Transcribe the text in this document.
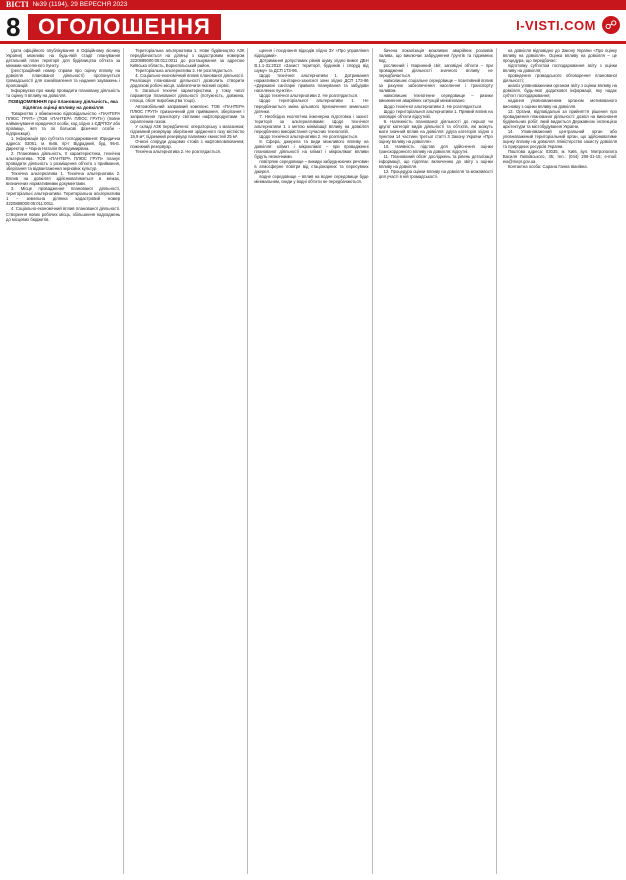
ВІСТІ №39 (1194), 29 ВЕРЕСНЯ 2023
8 ОГОЛОШЕННЯ	I-VISTI.COM ☍

(дата офіційного опублікування в Офіційному віснику України) можливо на будь-якій стадії планування детальний план території для будівництва об'єкта за межами населеного пункту.

(реєстраційний номер справи про оцінку впливу на довкілля планованої діяльності) пропонується громадськості для ознайомлення та надання зауважень і пропозицій.

Інформуємо про намір провадити плановану діяльність та оцінку її впливу на довкілля.

ПОВІДОМЛЕННЯ про плановану діяльність, яка підлягає оцінці впливу на довкілля

Товариство з обмеженою відповідальністю «ПАНТЕРА ПЛЮС ГРУП» (ТОВ «ПАНТЕРА ПЛЮС ГРУП») (повне найменування юридичної особи, код згідно з ЄДРПОУ або прізвище, ім'я та по батькові фізичної особи - підприємця).

1. Інформація про суб'єкта господарювання: Юридична адреса: 03061, м. Київ, пр-т Відрадний, буд. 95-Е. Директор – Чорна Наталія Володимирівна.

2. Планована діяльність, її характеристика, технічна альтернатива. ТОВ «ПАНТЕРА ПЛЮС ГРУП» планує провадити діяльність з розміщення об'єкта з приймання, зберігання та відвантаження зернових культур.

Технічна альтернатива 1. Технічна альтернатива 2. Вплив на довкілля здійснюватиметься в межах, визначених нормативними документами.

3. Місце провадження планованої діяльності, територіальні альтернативи. Територіальна альтернатива 1 – земельна ділянка кадастровий номер 3220889000:05:011:0011.

4. Соціально-економічний вплив планованої діяльності. Створення нових робочих місць, збільшення надходжень до місцевих бюджетів.

Територіальна альтернатива 1. Нове будівництво АЗК передбачається на ділянці з кадастровим номером 3220889000:05:011:0011 до розташування за адресою Київська область, Бориспільський район.

Територіальна альтернатива 2. Не розглядається.

4. Соціально-економічний вплив планованої діяльності. Реалізація планованої діяльності дозволить створити додаткові робочі місця, забезпечити якісний сервіс.

5. Загальні технічні характеристики, у тому числі параметри планованої діяльності (потужність, довжина, площа, обсяг виробництва тощо).

Автомобільний заправний комплекс ТОВ «ПАНТЕРА ПЛЮС ГРУП» призначений для приймання, зберігання і заправлення транспорту світлими нафтопродуктами та скрапленим газом.

У складі АЗК передбачено: операторську з магазином; підземний резервуар зберігання зрідженого газу місткістю 19,9 м³; підземний резервуар паливних ємностей 25 м³.

Очисні споруди дощових стоків з нафтовловлювачем; пожежний резервуар.

Технічна альтернатива 2. Не розглядається.

щення і поєднання відходів згідно ЗУ «Про управління відходами».

Дотримання допустимих рівнів шуму згідно вимог ДБН В.1.1-31:2013 «Захист території, будинків і споруд від шуму» та ДСП 173-96.

Щодо технічної альтернативи 1. Дотримання нормативної санітарно-захисної зони згідно ДСП 173-96 «Державні санітарні правила планування та забудови населених пунктів».

Щодо технічної альтернативи 2. Не розглядається.

Щодо територіальної альтернативи 1. Не передбачається зміна цільового призначення земельної ділянки.

7. Необхідна екологічна інженерна підготовка і захист території за альтернативами: Щодо технічної альтернативи 1 з метою мінімізації впливу на довкілля передбачено використання сучасних технологій.

Щодо технічної альтернативи 2. Не розглядається.

8. Сфера, джерела та види можливого впливу на довкілля: клімат і мікроклімат – при провадженні планованої діяльності на клімат і мікроклімат впливи будуть незначними.

повітряне середовище – викиди забруднюючих речовин в атмосферне повітря від стаціонарних та пересувних джерел.

водне середовище – вплив на водне середовище буде мінімальним, скиди у водні об'єкти не передбачаються.

бачена локалізація можливих аварійних розливів палива, що виключає забруднення ґрунтів та підземних вод.

рослинний і тваринний світ, заповідні об'єкти – при провадженні діяльності значного впливу не передбачається.

навколишнє соціальне середовище – позитивний вплив за рахунок забезпечення населення і транспорту паливом.

навколишнє техногенне середовище – ризики виникнення аварійних ситуацій мінімізовано.

Щодо технічної альтернативи 2. Не розглядається.

Щодо територіальної альтернативи 1. Прямий вплив на заповідні об'єкти відсутній.

9. Належність планованої діяльності до першої чи другої категорії видів діяльності та об'єктів, які можуть мати значний вплив на довкілля: друга категорія згідно з пунктом 14 частини третьої статті 3 Закону України «Про оцінку впливу на довкілля».

10. Наявність підстав для здійснення оцінки транскордонного впливу на довкілля: відсутні.

11. Планований обсяг досліджень та рівень деталізації інформації, що підлягає включенню до звіту з оцінки впливу на довкілля.

12. Процедура оцінки впливу на довкілля та можливості для участі в ній громадськості.

на довкілля відповідно до Закону України «Про оцінку впливу на довкілля». Оцінка впливу на довкілля – це процедура, що передбачає:

підготовку суб'єктом господарювання звіту з оцінки впливу на довкілля;

проведення громадського обговорення планованої діяльності;

аналіз уповноваженим органом звіту з оцінки впливу на довкілля, будь-якої додаткової інформації, яку надає суб'єкт господарювання;

надання уповноваженим органом мотивованого висновку з оцінки впливу на довкілля.

13. Органи, відповідальні за прийняття рішення про провадження планованої діяльності: дозвіл на виконання будівельних робіт, який видається Державною інспекцією архітектури та містобудування України.

14. Уповноважений центральний орган або уповноважений територіальний орган, що здійснюватиме оцінку впливу на довкілля: Міністерство захисту довкілля та природних ресурсів України.

Поштова адреса: 03035, м. Київ, вул. Митрополита Василя Липківського, 35; тел.: (044) 206-31-15; e-mail: eia@mepr.gov.ua.

Контактна особа: Сарана Ганна Іванівна.
